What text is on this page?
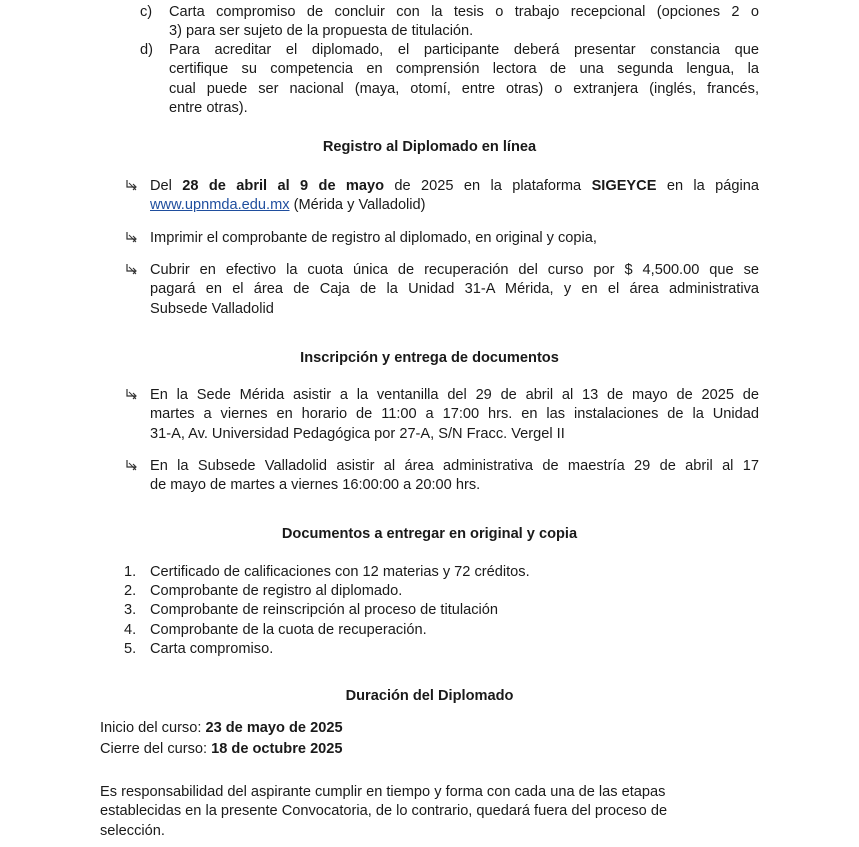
c)	Carta compromiso de concluir con la tesis o trabajo recepcional (opciones 2 o
3) para ser sujeto de la propuesta de titulación.
d)	Para acreditar el diplomado, el participante deberá presentar constancia que
certifique su competencia en comprensión lectora de una segunda lengua, la
cual puede ser nacional (maya, otomí, entre otras) o extranjera (inglés, francés,
entre otras).
Registro al Diplomado en línea
Del 28 de abril al 9 de mayo de 2025 en la plataforma SIGEYCE en la página
www.upnmda.edu.mx (Mérida y Valladolid)
Imprimir el comprobante de registro al diplomado, en original y copia,
Cubrir en efectivo la cuota única de recuperación del curso por $ 4,500.00 que se
pagará en el área de Caja de la Unidad 31-A Mérida, y en el área administrativa
Subsede Valladolid
Inscripción y entrega de documentos
En la Sede Mérida asistir a la ventanilla del 29 de abril al 13 de mayo de 2025 de
martes a viernes en horario de 11:00 a 17:00 hrs. en las instalaciones de la Unidad
31-A, Av. Universidad Pedagógica por 27-A, S/N Fracc. Vergel II
En la Subsede Valladolid asistir al área administrativa de maestría 29 de abril al 17
de mayo de martes a viernes 16:00:00 a 20:00 hrs.
Documentos a entregar en original y copia
1. Certificado de calificaciones con 12 materias y 72 créditos.
2. Comprobante de registro al diplomado.
3. Comprobante de reinscripción al proceso de titulación
4. Comprobante de la cuota de recuperación.
5. Carta compromiso.
Duración del Diplomado
Inicio del curso: 23 de mayo de 2025
Cierre del curso: 18 de octubre 2025
Es responsabilidad del aspirante cumplir en tiempo y forma con cada una de las etapas
establecidas en la presente Convocatoria, de lo contrario, quedará fuera del proceso de
selección.
